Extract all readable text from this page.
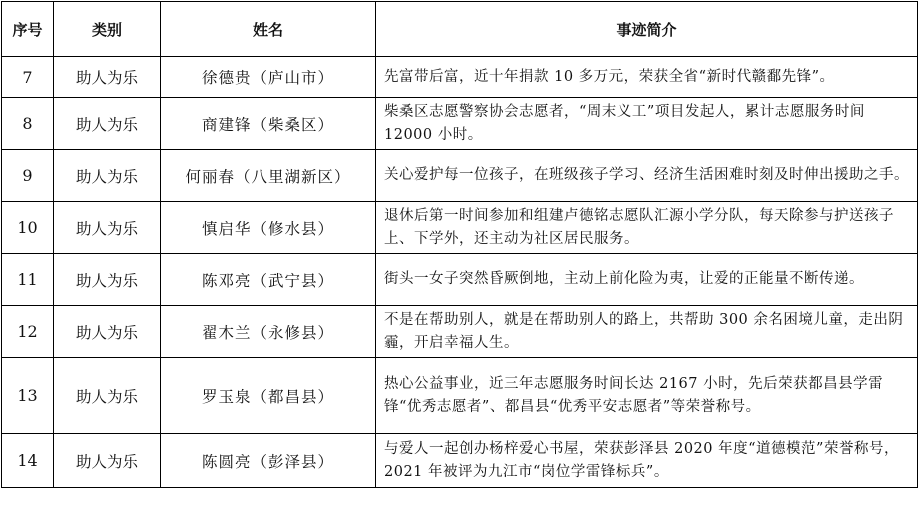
序号	类别	姓名	事迹简介
7	助人为乐	徐德贵（庐山市）	先富带后富，近十年捐款 10 多万元，荣获全省“新时代赣鄱先锋”。
8	助人为乐	商建锋（柴桑区）	柴桑区志愿警察协会志愿者，“周末义工”项目发起人，累计志愿服务时间 12000 小时。
9	助人为乐	何丽春（八里湖新区）	关心爱护每一位孩子，在班级孩子学习、经济生活困难时刻及时伸出援助之手。
10	助人为乐	慎启华（修水县）	退休后第一时间参加和组建卢德铭志愿队汇源小学分队，每天除参与护送孩子上、下学外，还主动为社区居民服务。
11	助人为乐	陈邓亮（武宁县）	街头一女子突然昏厥倒地，主动上前化险为夷，让爱的正能量不断传递。
12	助人为乐	翟木兰（永修县）	不是在帮助别人，就是在帮助别人的路上，共帮助 300 余名困境儿童，走出阴霾，开启幸福人生。
13	助人为乐	罗玉泉（都昌县）	热心公益事业，近三年志愿服务时间长达 2167 小时，先后荣获都昌县学雷锋“优秀志愿者”、都昌县“优秀平安志愿者”等荣誉称号。
14	助人为乐	陈圆亮（彭泽县）	与爱人一起创办杨梓爱心书屋，荣获彭泽县 2020 年度“道德模范”荣誉称号，2021 年被评为九江市“岗位学雷锋标兵”。
